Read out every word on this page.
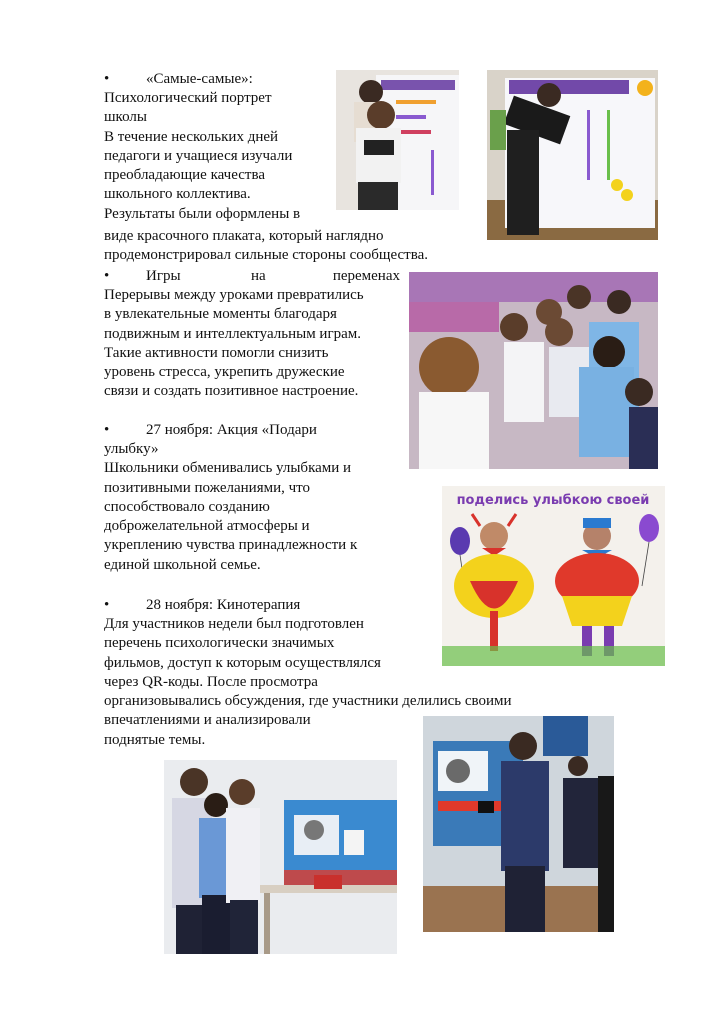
• «Самые-самые»:
Психологический портрет
школы
В течение нескольких дней
педагоги и учащиеся изучали
преобладающие качества
школьного коллектива.
Результаты были оформлены в
виде красочного плаката, который наглядно
продемонстрировал сильные стороны сообщества.
• Игры	на	переменах
Перерывы между уроками превратились
в увлекательные моменты благодаря
подвижным и интеллектуальным играм.
Такие активности помогли снизить
уровень стресса, укрепить дружеские
связи и создать позитивное настроение.
• 27 ноября: Акция «Подари
улыбку»
Школьники обменивались улыбками и
позитивными пожеланиями, что
способствовало созданию
доброжелательной атмосферы и
укреплению чувства принадлежности к
единой школьной семье.
поделись улыбкою своей
• 28 ноября: Кинотерапия
Для участников недели был подготовлен
перечень психологически значимых
фильмов, доступ к которым осуществлялся
через QR-коды. После просмотра
организовывались обсуждения, где участники делились своими
впечатлениями и анализировали
поднятые темы.
